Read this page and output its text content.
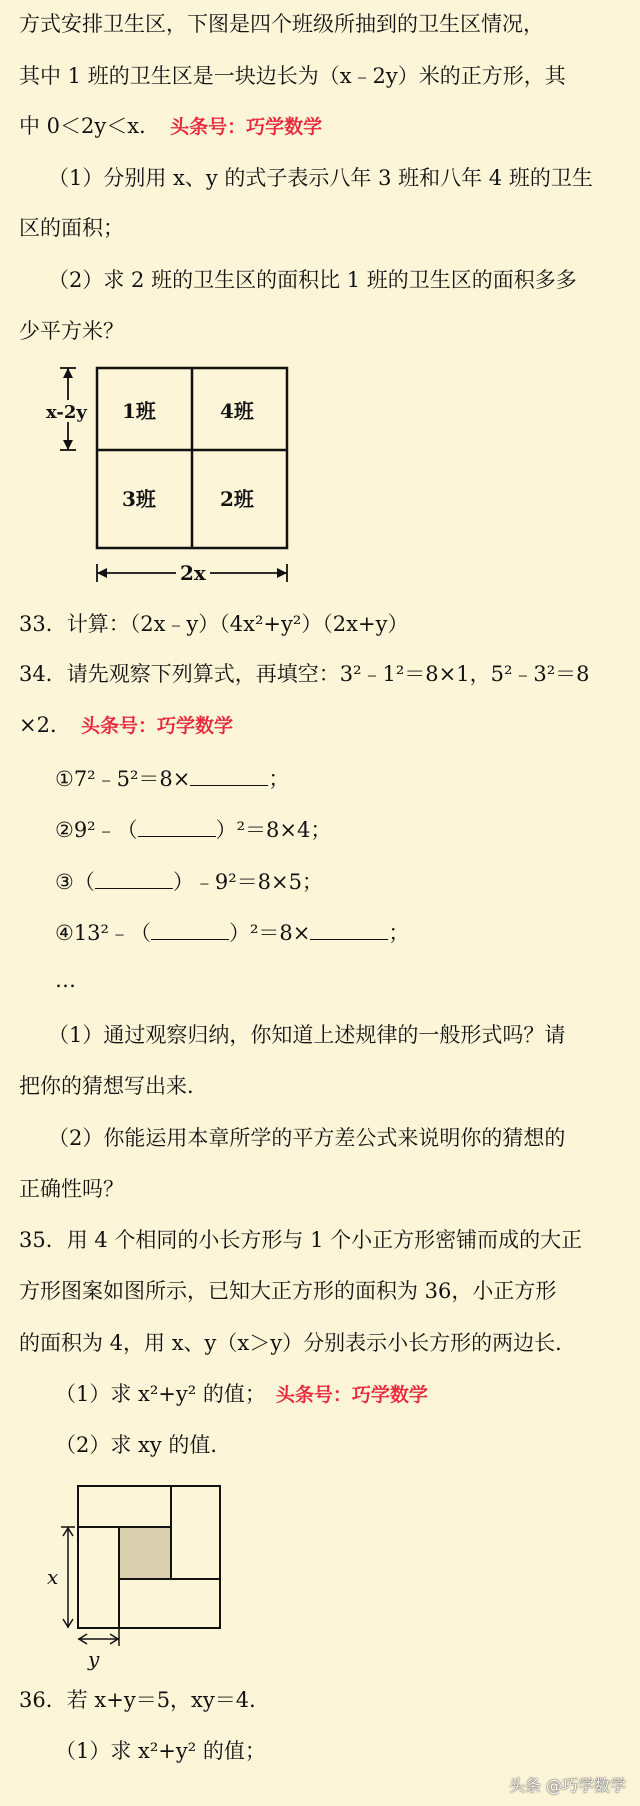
方式安排卫生区，下图是四个班级所抽到的卫生区情况，
其中 1 班的卫生区是一块边长为（x﹣2y）米的正方形，其
中 0＜2y＜x． 头条号：巧学数学
（1）分别用 x、y 的式子表示八年 3 班和八年 4 班的卫生
区的面积；
（2）求 2 班的卫生区的面积比 1 班的卫生区的面积多多
少平方米？
1班	4班
3班	2班
x-2y
2x
33．计算：（2x﹣y）（4x²+y²）（2x+y）
34．请先观察下列算式，再填空：3²﹣1²＝8×1，5²﹣3²＝8
×2． 头条号：巧学数学
①7²﹣5²＝8×	；
②9²﹣（	）²＝8×4；
③（	）﹣9²＝8×5；
④13²﹣（	）²＝8×	；
…
（1）通过观察归纳，你知道上述规律的一般形式吗？请
把你的猜想写出来．
（2）你能运用本章所学的平方差公式来说明你的猜想的
正确性吗？
35．用 4 个相同的小长方形与 1 个小正方形密铺而成的大正
方形图案如图所示，已知大正方形的面积为 36，小正方形
的面积为 4，用 x、y（x＞y）分别表示小长方形的两边长．
（1）求 x²+y² 的值； 头条号：巧学数学
（2）求 xy 的值．
x
y
36．若 x+y＝5，xy＝4．
（1）求 x²+y² 的值；
头条 @巧学数学
